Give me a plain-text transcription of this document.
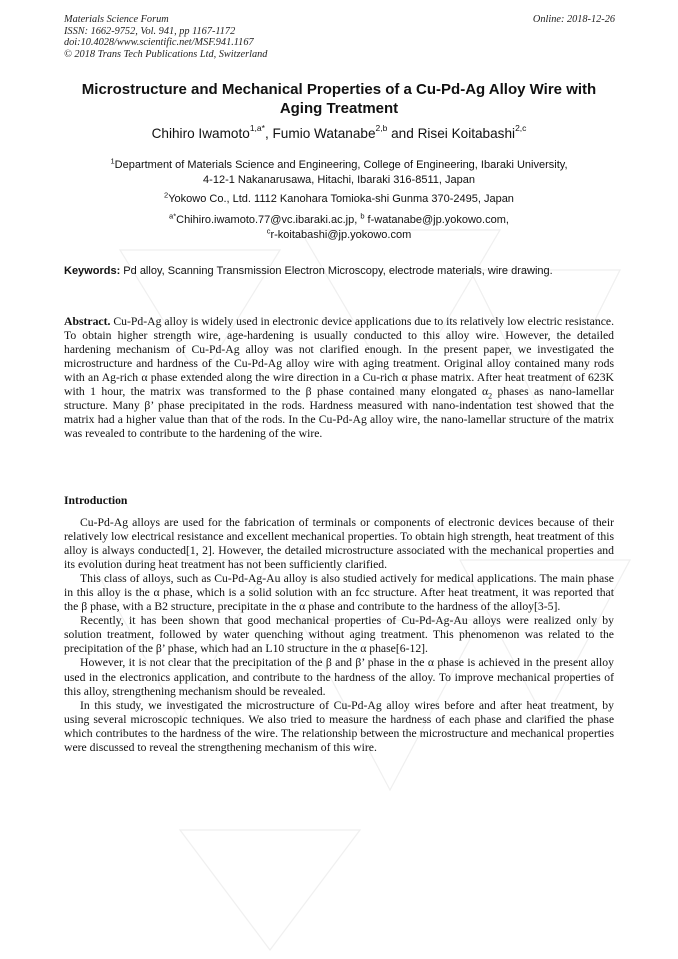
Materials Science Forum
ISSN: 1662-9752, Vol. 941, pp 1167-1172
doi:10.4028/www.scientific.net/MSF.941.1167
© 2018 Trans Tech Publications Ltd, Switzerland
Online: 2018-12-26
Microstructure and Mechanical Properties of a Cu-Pd-Ag Alloy Wire with Aging Treatment
Chihiro Iwamoto$^{1,a*}$, Fumio Watanabe$^{2,b}$ and Risei Koitabashi$^{2,c}$
$^1$Department of Materials Science and Engineering, College of Engineering, Ibaraki University,
4-12-1 Nakanarusawa, Hitachi, Ibaraki 316-8511, Japan
$^2$Yokowo Co., Ltd. 1112 Kanohara Tomioka-shi Gunma 370-2495, Japan
$^{a*}$Chihiro.iwamoto.77@vc.ibaraki.ac.jp, $^b$ f-watanabe@jp.yokowo.com,
$^c$r-koitabashi@jp.yokowo.com
Keywords: Pd alloy, Scanning Transmission Electron Microscopy, electrode materials, wire drawing.
Abstract. Cu-Pd-Ag alloy is widely used in electronic device applications due to its relatively low electric resistance. To obtain higher strength wire, age-hardening is usually conducted to this alloy wire. However, the detailed hardening mechanism of Cu-Pd-Ag alloy was not clarified enough. In the present paper, we investigated the microstructure and hardness of the Cu-Pd-Ag alloy wire with aging treatment. Original alloy contained many rods with an Ag-rich α phase extended along the wire direction in a Cu-rich α phase matrix. After heat treatment of 623K with 1 hour, the matrix was transformed to the β phase contained many elongated $\alpha_2$ phases as nano-lamellar structure. Many β’ phase precipitated in the rods. Hardness measured with nano-indentation test showed that the matrix had a higher value than that of the rods. In the Cu-Pd-Ag alloy wire, the nano-lamellar structure of the matrix was revealed to contribute to the hardening of the wire.
Introduction

Cu-Pd-Ag alloys are used for the fabrication of terminals or components of electronic devices because of their relatively low electrical resistance and excellent mechanical properties. To obtain high strength, heat treatment of this alloy is always conducted[1, 2]. However, the detailed microstructure associated with the mechanical properties and its evolution during heat treatment has not been sufficiently clarified.

This class of alloys, such as Cu-Pd-Ag-Au alloy is also studied actively for medical applications. The main phase in this alloy is the α phase, which is a solid solution with an fcc structure. After heat treatment, it was reported that the β phase, with a B2 structure, precipitate in the α phase and contribute to the hardness of the alloy[3-5].

Recently, it has been shown that good mechanical properties of Cu-Pd-Ag-Au alloys were realized only by solution treatment, followed by water quenching without aging treatment. This phenomenon was related to the precipitation of the β’ phase, which had an L10 structure in the α phase[6-12].

However, it is not clear that the precipitation of the β and β’ phase in the α phase is achieved in the present alloy used in the electronics application, and contribute to the hardness of the alloy. To improve mechanical properties of this alloy, strengthening mechanism should be revealed.

In this study, we investigated the microstructure of Cu-Pd-Ag alloy wires before and after heat treatment, by using several microscopic techniques. We also tried to measure the hardness of each phase and clarified the phase which contributes to the hardness of the wire. The relationship between the microstructure and mechanical properties were discussed to reveal the strengthening mechanism of this wire.
